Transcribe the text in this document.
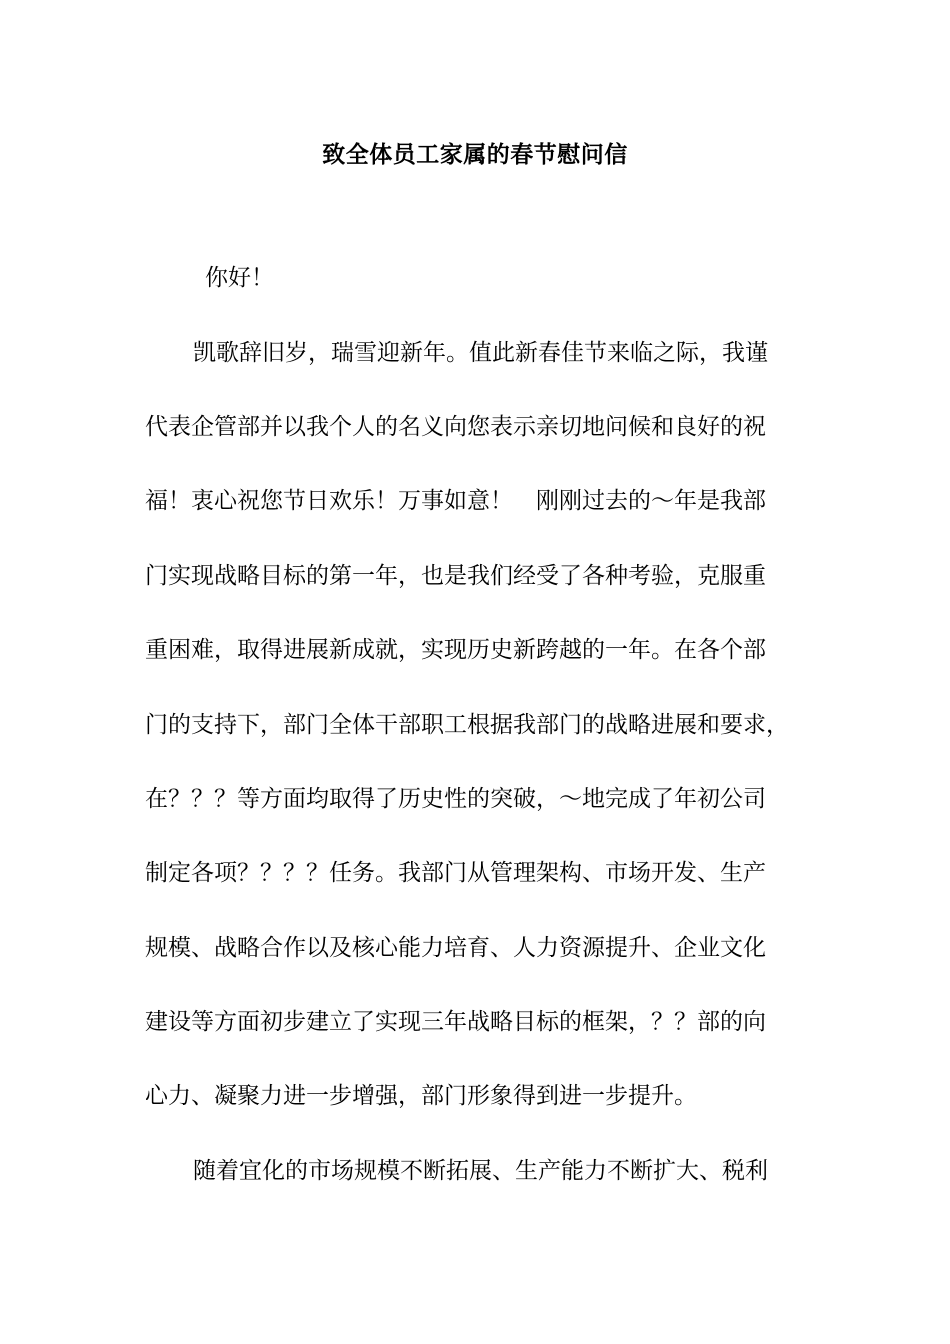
致全体员工家属的春节慰问信
你好！
凯歌辞旧岁，瑞雪迎新年。值此新春佳节来临之际，我谨
代表企管部并以我个人的名义向您表示亲切地问候和良好的祝
福！衷心祝您节日欢乐！万事如意！　刚刚过去的～年是我部
门实现战略目标的第一年，也是我们经受了各种考验，克服重
重困难，取得进展新成就，实现历史新跨越的一年。在各个部
门的支持下，部门全体干部职工根据我部门的战略进展和要求，
在？？？等方面均取得了历史性的突破，～地完成了年初公司
制定各项？？？？任务。我部门从管理架构、市场开发、生产
规模、战略合作以及核心能力培育、人力资源提升、企业文化
建设等方面初步建立了实现三年战略目标的框架，？？部的向
心力、凝聚力进一步增强，部门形象得到进一步提升。
随着宜化的市场规模不断拓展、生产能力不断扩大、税利
